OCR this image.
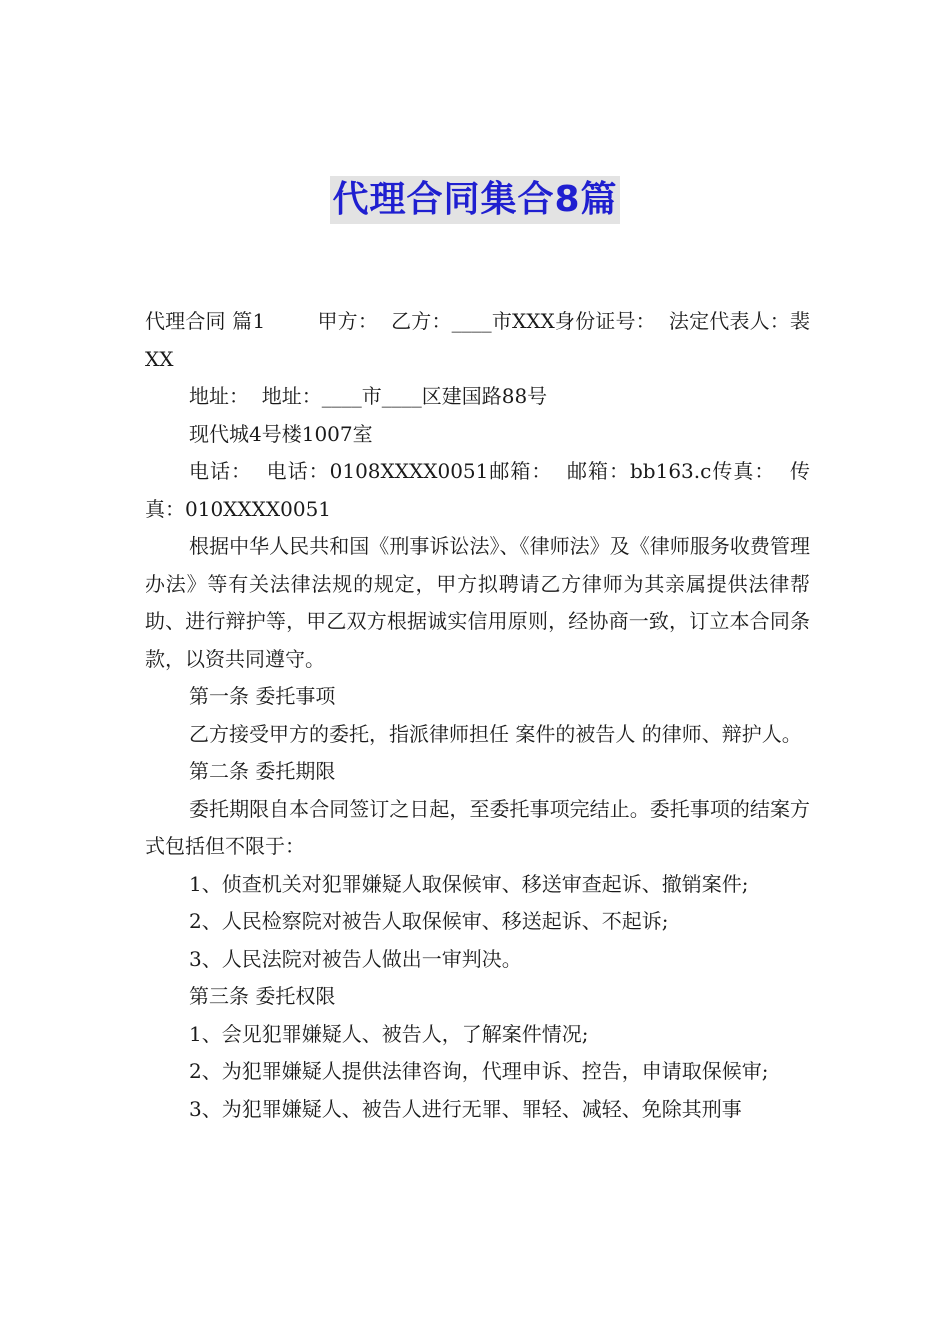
代理合同集合8篇

代理合同 篇1        甲方：  乙方：____市XXX身份证号：  法定代表人：裴XX

地址：  地址：____市____区建国路88号

现代城4号楼1007室

电话：  电话：0108XXXX0051邮箱：  邮箱：bb163.c传真：  传真：010XXXX0051

根据中华人民共和国《刑事诉讼法》、《律师法》及《律师服务收费管理办法》等有关法律法规的规定，甲方拟聘请乙方律师为其亲属提供法律帮助、进行辩护等，甲乙双方根据诚实信用原则，经协商一致，订立本合同条款，以资共同遵守。

第一条 委托事项

乙方接受甲方的委托，指派律师担任 案件的被告人 的律师、辩护人。

第二条 委托期限

委托期限自本合同签订之日起，至委托事项完结止。委托事项的结案方式包括但不限于：

1、侦查机关对犯罪嫌疑人取保候审、移送审查起诉、撤销案件;

2、人民检察院对被告人取保候审、移送起诉、不起诉;

3、人民法院对被告人做出一审判决。

第三条 委托权限

1、会见犯罪嫌疑人、被告人，了解案件情况;

2、为犯罪嫌疑人提供法律咨询，代理申诉、控告，申请取保候审;

3、为犯罪嫌疑人、被告人进行无罪、罪轻、减轻、免除其刑事
